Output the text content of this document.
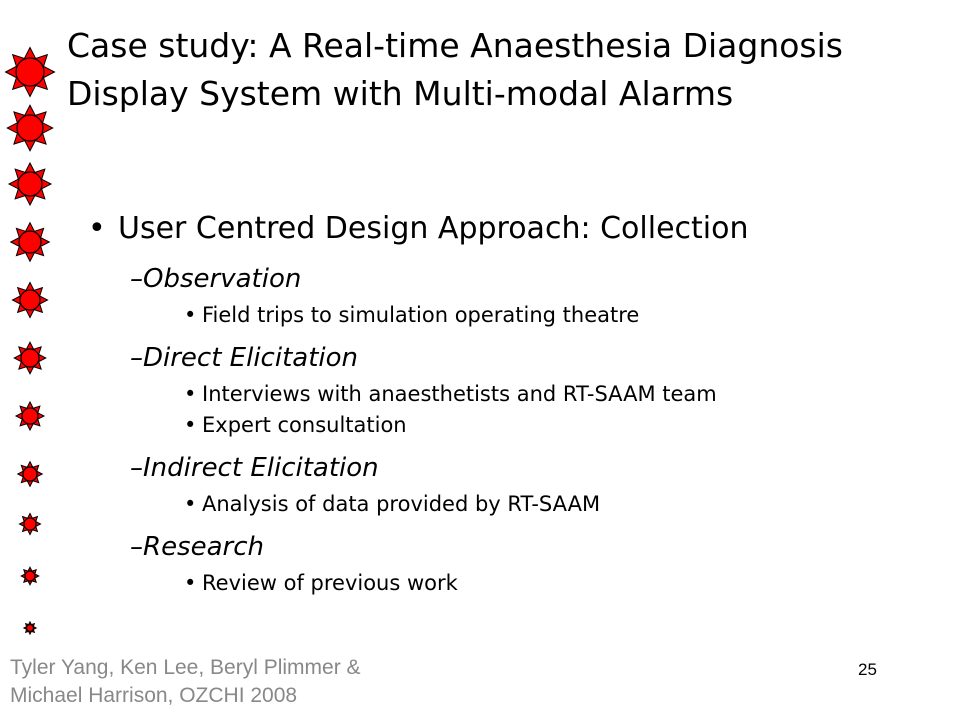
Case study: A Real-time Anaesthesia Diagnosis Display System with Multi-modal Alarms
• User Centred Design Approach: Collection
–Observation
• Field trips to simulation operating theatre
–Direct Elicitation
• Interviews with anaesthetists and RT-SAAM team
• Expert consultation
–Indirect Elicitation
• Analysis of data provided by RT-SAAM
–Research
• Review of previous work
Tyler Yang, Ken Lee, Beryl Plimmer &
Michael Harrison, OZCHI 2008
25
